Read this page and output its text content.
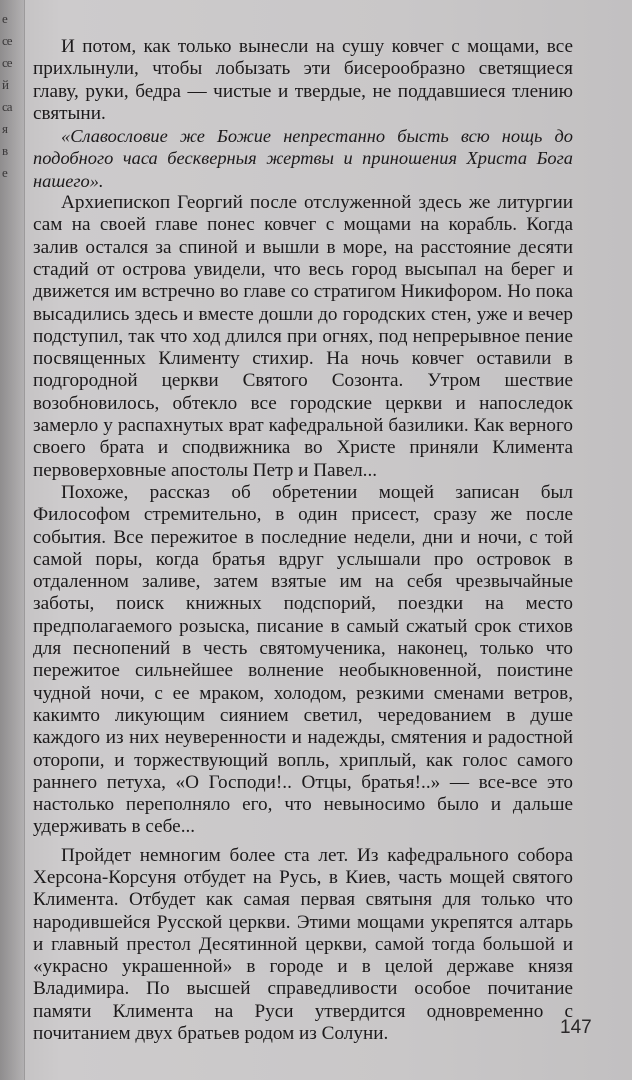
е
ce
ce
й
ca
я
в
е

И потом, как только вынесли на сушу ковчег с мощами, все прихлынули, чтобы лобызать эти бисерообразно светящиеся главу, руки, бедра — чистые и твердые, не поддавшиеся тлению святыни.

«Славословие же Божие непрестанно бысть всю нощь до подобного часа бескверныя жертвы и приношения Христа Бога нашего».

Архиепископ Георгий после отслуженной здесь же литургии сам на своей главе понес ковчег с мощами на корабль. Когда залив остался за спиной и вышли в море, на расстояние десяти стадий от острова увидели, что весь город высыпал на берег и движется им встречно во главе со стратигом Никифором. Но пока высадились здесь и вместе дошли до городских стен, уже и вечер подступил, так что ход длился при огнях, под непрерывное пение посвященных Клименту стихир. На ночь ковчег оставили в подгородной церкви Святого Созонта. Утром шествие возобновилось, обтекло все городские церкви и напоследок замерло у распахнутых врат кафедральной базилики. Как верного своего брата и сподвижника во Христе приняли Климента первоверховные апостолы Петр и Павел...

Похоже, рассказ об обретении мощей записан был Философом стремительно, в один присест, сразу же после события. Все пережитое в последние недели, дни и ночи, с той самой поры, когда братья вдруг услышали про островок в отдаленном заливе, затем взятые им на себя чрезвычайные заботы, поиск книжных подспорий, поездки на место предполагаемого розыска, писание в самый сжатый срок стихов для песнопений в честь святомученика, наконец, только что пережитое сильнейшее волнение необыкновенной, поистине чудной ночи, с ее мраком, холодом, резкими сменами ветров, какимто ликующим сиянием светил, чередованием в душе каждого из них неуверенности и надежды, смятения и радостной оторопи, и торжествующий вопль, хриплый, как голос самого раннего петуха, «О Господи!.. Отцы, братья!..» — все-все это настолько переполняло его, что невыносимо было и дальше удерживать в себе...

Пройдет немногим более ста лет. Из кафедрального собора Херсона-Корсуня отбудет на Русь, в Киев, часть мощей святого Климента. Отбудет как самая первая святыня для только что народившейся Русской церкви. Этими мощами укрепятся алтарь и главный престол Десятинной церкви, самой тогда большой и «украсно украшенной» в городе и в целой державе князя Владимира. По высшей справедливости особое почитание памяти Климента на Руси утвердится одновременно с почитанием двух братьев родом из Солуни.	147
